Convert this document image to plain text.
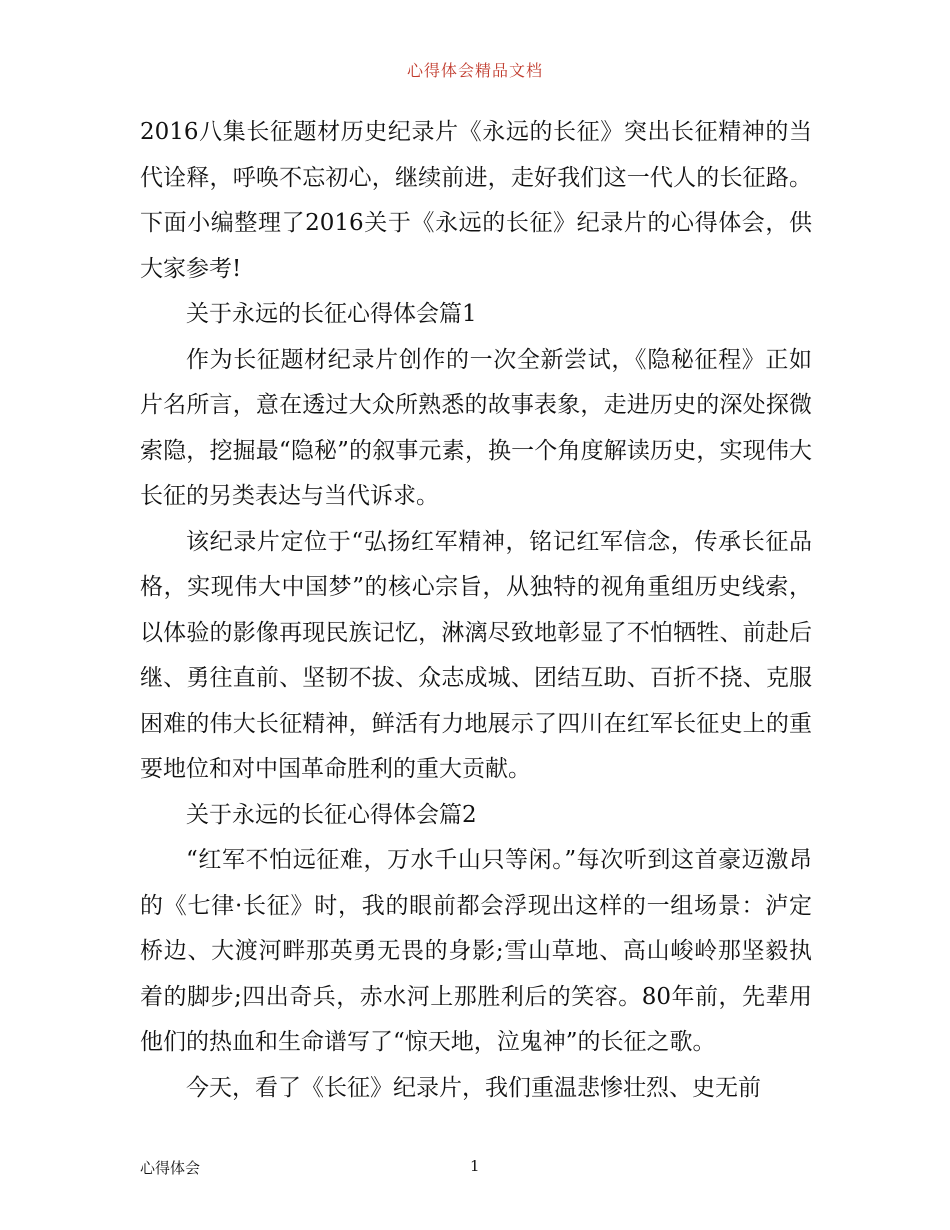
心得体会精品文档

2016八集长征题材历史纪录片《永远的长征》突出长征精神的当代诠释，呼唤不忘初心，继续前进，走好我们这一代人的长征路。下面小编整理了2016关于《永远的长征》纪录片的心得体会，供大家参考!

关于永远的长征心得体会篇1

作为长征题材纪录片创作的一次全新尝试，《隐秘征程》正如片名所言，意在透过大众所熟悉的故事表象，走进历史的深处探微索隐，挖掘最“隐秘”的叙事元素，换一个角度解读历史，实现伟大长征的另类表达与当代诉求。

该纪录片定位于“弘扬红军精神，铭记红军信念，传承长征品格，实现伟大中国梦”的核心宗旨，从独特的视角重组历史线索，以体验的影像再现民族记忆，淋漓尽致地彰显了不怕牺牲、前赴后继、勇往直前、坚韧不拔、众志成城、团结互助、百折不挠、克服困难的伟大长征精神，鲜活有力地展示了四川在红军长征史上的重要地位和对中国革命胜利的重大贡献。

关于永远的长征心得体会篇2

“红军不怕远征难，万水千山只等闲。”每次听到这首豪迈激昂的《七律·长征》时，我的眼前都会浮现出这样的一组场景：泸定桥边、大渡河畔那英勇无畏的身影;雪山草地、高山峻岭那坚毅执着的脚步;四出奇兵，赤水河上那胜利后的笑容。80年前，先辈用他们的热血和生命谱写了“惊天地，泣鬼神”的长征之歌。

今天，看了《长征》纪录片，我们重温悲惨壮烈、史无前

心得体会	1
